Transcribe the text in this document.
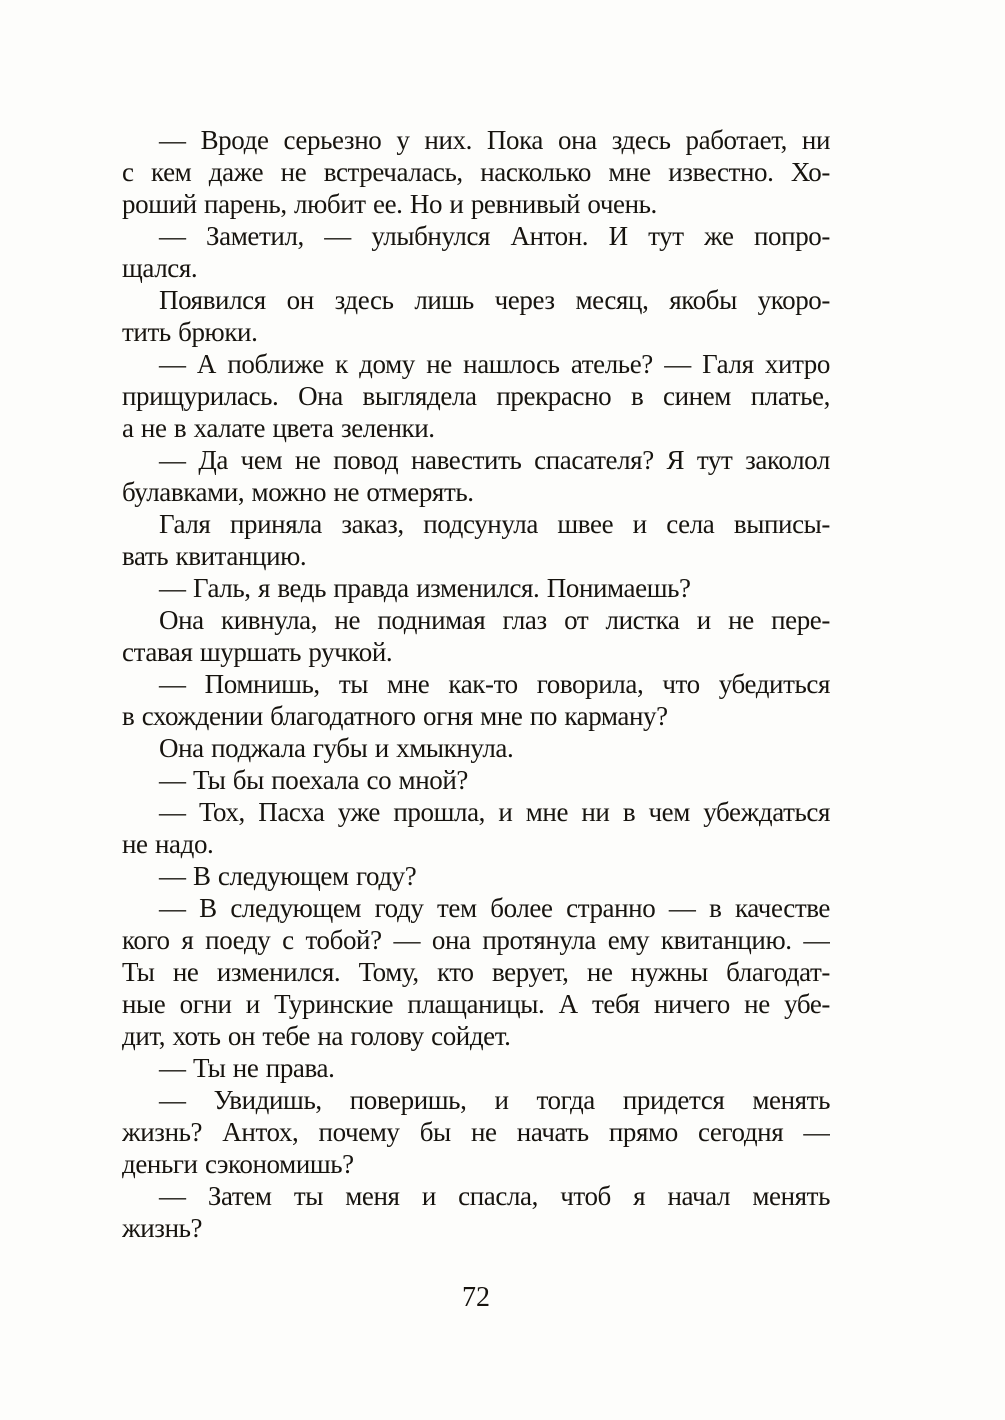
— Вроде серьезно у них. Пока она здесь работает, ни
с кем даже не встречалась, насколько мне известно. Хо-
роший парень, любит ее. Но и ревнивый очень.
— Заметил, — улыбнулся Антон. И тут же попро-
щался.
Появился он здесь лишь через месяц, якобы укоро-
тить брюки.
— А поближе к дому не нашлось ателье? — Галя хитро
прищурилась. Она выглядела прекрасно в синем платье,
а не в халате цвета зеленки.
— Да чем не повод навестить спасателя? Я тут заколол
булавками, можно не отмерять.
Галя приняла заказ, подсунула швее и села выписы-
вать квитанцию.
— Галь, я ведь правда изменился. Понимаешь?
Она кивнула, не поднимая глаз от листка и не пере-
ставая шуршать ручкой.
— Помнишь, ты мне как-то говорила, что убедиться
в схождении благодатного огня мне по карману?
Она поджала губы и хмыкнула.
— Ты бы поехала со мной?
— Тох, Пасха уже прошла, и мне ни в чем убеждаться
не надо.
— В следующем году?
— В следующем году тем более странно — в качестве
кого я поеду с тобой? — она протянула ему квитанцию. —
Ты не изменился. Тому, кто верует, не нужны благодат-
ные огни и Туринские плащаницы. А тебя ничего не убе-
дит, хоть он тебе на голову сойдет.
— Ты не права.
— Увидишь, поверишь, и тогда придется менять
жизнь? Антох, почему бы не начать прямо сегодня —
деньги сэкономишь?
— Затем ты меня и спасла, чтоб я начал менять
жизнь?
72
